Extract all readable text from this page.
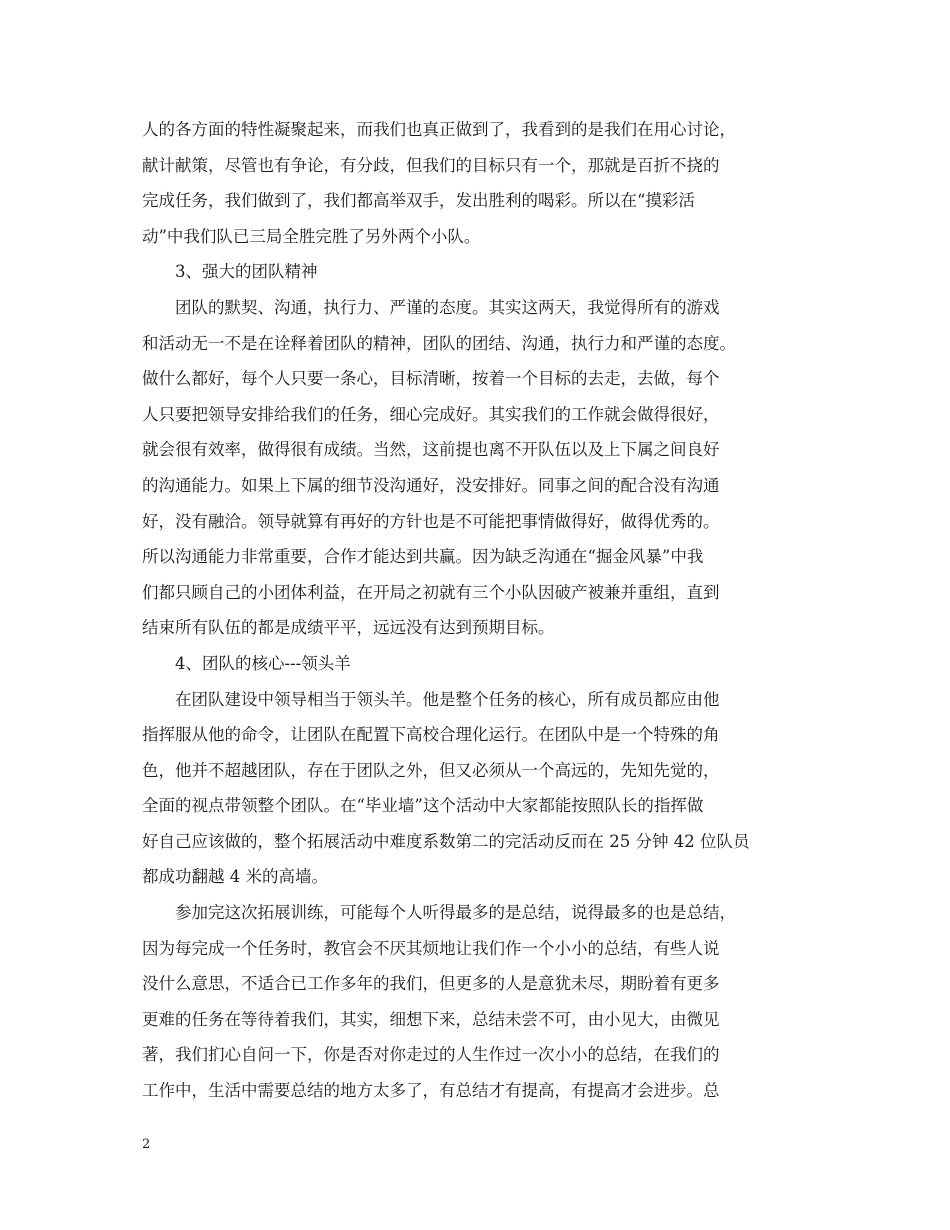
人的各方面的特性凝聚起来，而我们也真正做到了，我看到的是我们在用心讨论，
献计献策，尽管也有争论，有分歧，但我们的目标只有一个，那就是百折不挠的
完成任务，我们做到了，我们都高举双手，发出胜利的喝彩。所以在“摸彩活
动”中我们队已三局全胜完胜了另外两个小队。
3、强大的团队精神
团队的默契、沟通，执行力、严谨的态度。其实这两天，我觉得所有的游戏
和活动无一不是在诠释着团队的精神，团队的团结、沟通，执行力和严谨的态度。
做什么都好，每个人只要一条心，目标清晰，按着一个目标的去走，去做，每个
人只要把领导安排给我们的任务，细心完成好。其实我们的工作就会做得很好，
就会很有效率，做得很有成绩。当然，这前提也离不开队伍以及上下属之间良好
的沟通能力。如果上下属的细节没沟通好，没安排好。同事之间的配合没有沟通
好，没有融洽。领导就算有再好的方针也是不可能把事情做得好，做得优秀的。
所以沟通能力非常重要，合作才能达到共赢。因为缺乏沟通在“掘金风暴”中我
们都只顾自己的小团体利益，在开局之初就有三个小队因破产被兼并重组，直到
结束所有队伍的都是成绩平平，远远没有达到预期目标。
4、团队的核心---领头羊
在团队建设中领导相当于领头羊。他是整个任务的核心，所有成员都应由他
指挥服从他的命令，让团队在配置下高校合理化运行。在团队中是一个特殊的角
色，他并不超越团队，存在于团队之外，但又必须从一个高远的，先知先觉的，
全面的视点带领整个团队。在“毕业墙”这个活动中大家都能按照队长的指挥做
好自己应该做的，整个拓展活动中难度系数第二的完活动反而在 25 分钟 42 位队员
都成功翻越 4 米的高墙。
参加完这次拓展训练，可能每个人听得最多的是总结，说得最多的也是总结，
因为每完成一个任务时，教官会不厌其烦地让我们作一个小小的总结，有些人说
没什么意思，不适合已工作多年的我们，但更多的人是意犹未尽，期盼着有更多
更难的任务在等待着我们，其实，细想下来，总结未尝不可，由小见大，由微见
著，我们扪心自问一下，你是否对你走过的人生作过一次小小的总结，在我们的
工作中，生活中需要总结的地方太多了，有总结才有提高，有提高才会进步。总
2
